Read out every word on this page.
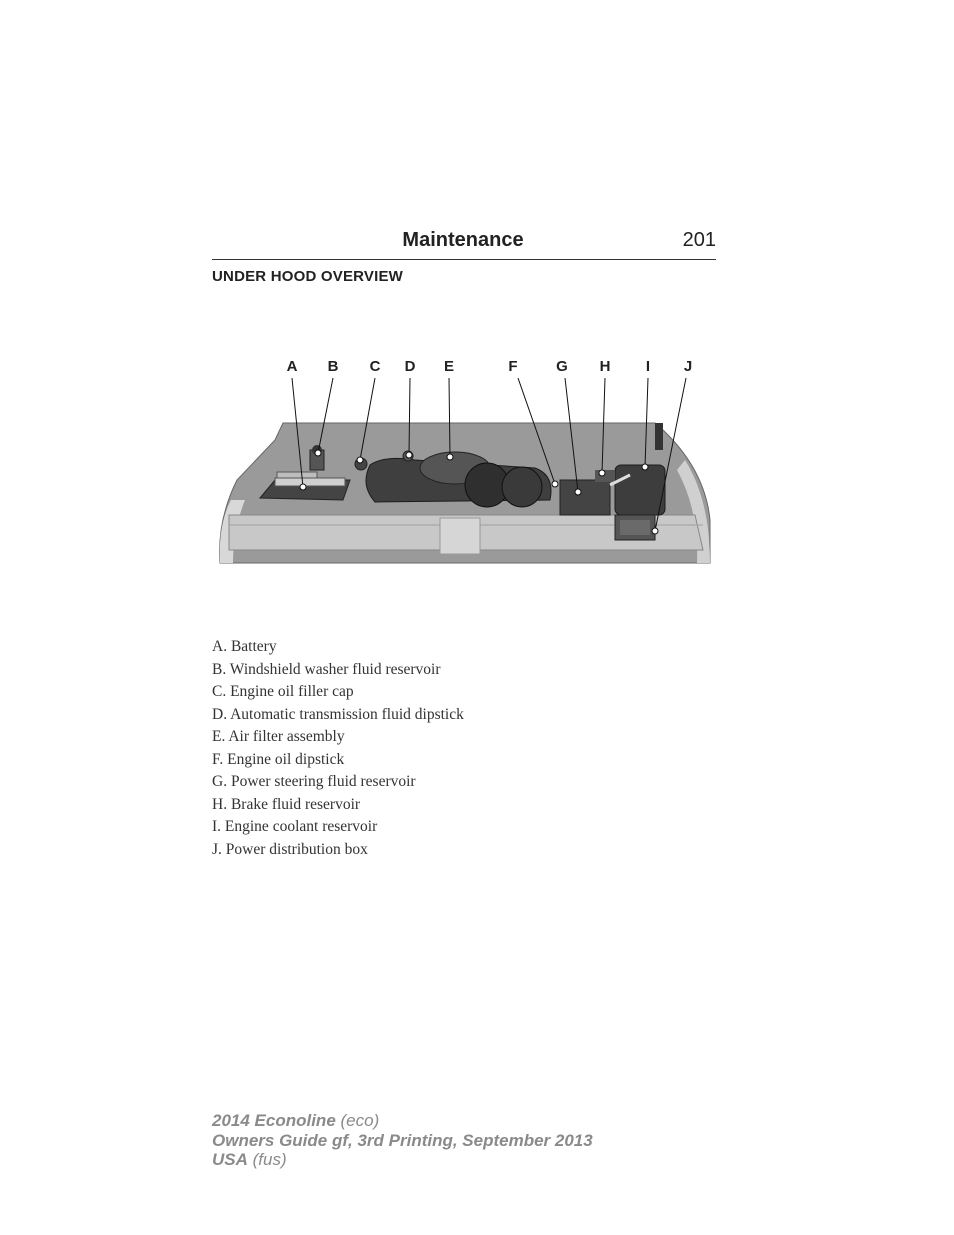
Maintenance	201
UNDER HOOD OVERVIEW
A B C D E	F	G H I J
A. Battery
B. Windshield washer fluid reservoir
C. Engine oil filler cap
D. Automatic transmission fluid dipstick
E. Air filter assembly
F. Engine oil dipstick
G. Power steering fluid reservoir
H. Brake fluid reservoir
I. Engine coolant reservoir
J. Power distribution box
2014 Econoline (eco)
Owners Guide gf, 3rd Printing, September 2013
USA (fus)
